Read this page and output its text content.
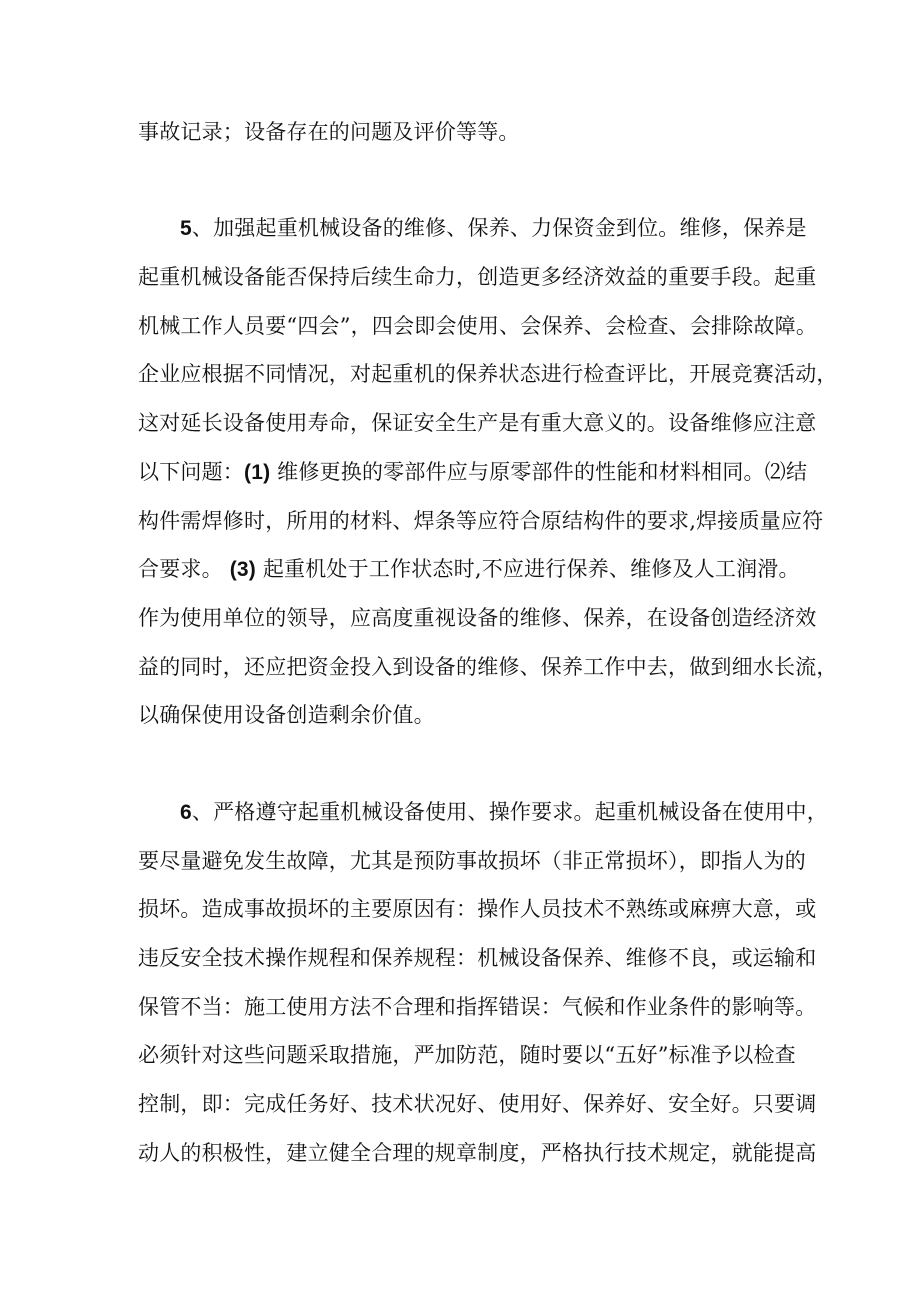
事故记录；设备存在的问题及评价等等。
5、加强起重机械设备的维修、保养、力保资金到位。维修，保养是
起重机械设备能否保持后续生命力，创造更多经济效益的重要手段。起重
机械工作人员要“四会”，四会即会使用、会保养、会检查、会排除故障。
企业应根据不同情况，对起重机的保养状态进行检查评比，开展竞赛活动，
这对延长设备使用寿命，保证安全生产是有重大意义的。设备维修应注意
以下问题：(1) 维修更换的零部件应与原零部件的性能和材料相同。⑵结
构件需焊修时，所用的材料、焊条等应符合原结构件的要求,焊接质量应符
合要求。 (3) 起重机处于工作状态时,不应进行保养、维修及人工润滑。
作为使用单位的领导，应高度重视设备的维修、保养，在设备创造经济效
益的同时，还应把资金投入到设备的维修、保养工作中去，做到细水长流，
以确保使用设备创造剩余价值。
6、严格遵守起重机械设备使用、操作要求。起重机械设备在使用中，
要尽量避免发生故障，尤其是预防事故损坏（非正常损坏），即指人为的
损坏。造成事故损坏的主要原因有：操作人员技术不熟练或麻痹大意，或
违反安全技术操作规程和保养规程：机械设备保养、维修不良，或运输和
保管不当：施工使用方法不合理和指挥错误：气候和作业条件的影响等。
必须针对这些问题采取措施，严加防范，随时要以“五好”标准予以检查
控制，即：完成任务好、技术状况好、使用好、保养好、安全好。只要调
动人的积极性，建立健全合理的规章制度，严格执行技术规定，就能提高
